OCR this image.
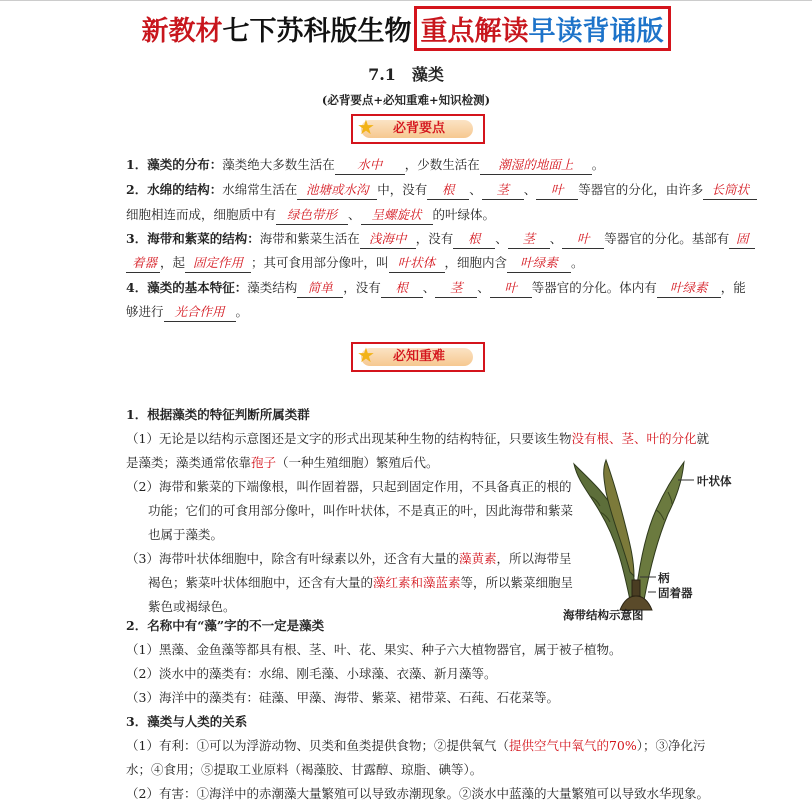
新教材七下苏科版生物 重点解读早读背诵版
7.1　藻类
(必背要点+必知重难+知识检测)
★ 必背要点
1．藻类的分布：藻类绝大多数生活在 水中 ，少数生活在 潮湿的地面上 。
2．水绵的结构：水绵常生活在 池塘或水沟 中，没有 根 、 茎 、 叶 等器官的分化，由许多 长筒状
细胞相连而成，细胞质中有 绿色带形 、 呈螺旋状 的叶绿体。
3．海带和紫菜的结构：海带和紫菜生活在 浅海中 ，没有 根 、 茎 、 叶 等器官的分化。基部有 固
着器 ，起 固定作用 ；其可食用部分像叶，叫 叶状体 ，细胞内含 叶绿素 。
4．藻类的基本特征：藻类结构 简单 ，没有 根 、 茎 、 叶 等器官的分化。体内有 叶绿素 ，能
够进行 光合作用 。
★ 必知重难
1．根据藻类的特征判断所属类群
（1）无论是以结构示意图还是文字的形式出现某种生物的结构特征，只要该生物没有根、茎、叶的分化就
是藻类；藻类通常依靠孢子（一种生殖细胞）繁殖后代。
（2）海带和紫菜的下端像根，叫作固着器，只起到固定作用，不具备真正的根的
功能；它们的可食用部分像叶，叫作叶状体，不是真正的叶，因此海带和紫菜
也属于藻类。
（3）海带叶状体细胞中，除含有叶绿素以外，还含有大量的藻黄素，所以海带呈
褐色；紫菜叶状体细胞中，还含有大量的藻红素和藻蓝素等，所以紫菜细胞呈
紫色或褐绿色。
2．名称中有“藻”字的不一定是藻类
（1）黑藻、金鱼藻等都具有根、茎、叶、花、果实、种子六大植物器官，属于被子植物。
（2）淡水中的藻类有：水绵、刚毛藻、小球藻、衣藻、新月藻等。
（3）海洋中的藻类有：硅藻、甲藻、海带、紫菜、裙带菜、石莼、石花菜等。
3．藻类与人类的关系
（1）有利：①可以为浮游动物、贝类和鱼类提供食物；②提供氧气（提供空气中氧气的70%）；③净化污
水；④食用；⑤提取工业原料（褐藻胶、甘露醇、琼脂、碘等）。
（2）有害：①海洋中的赤潮藻大量繁殖可以导致赤潮现象。②淡水中蓝藻的大量繁殖可以导致水华现象。
叶状体
柄
固着器
海带结构示意图
